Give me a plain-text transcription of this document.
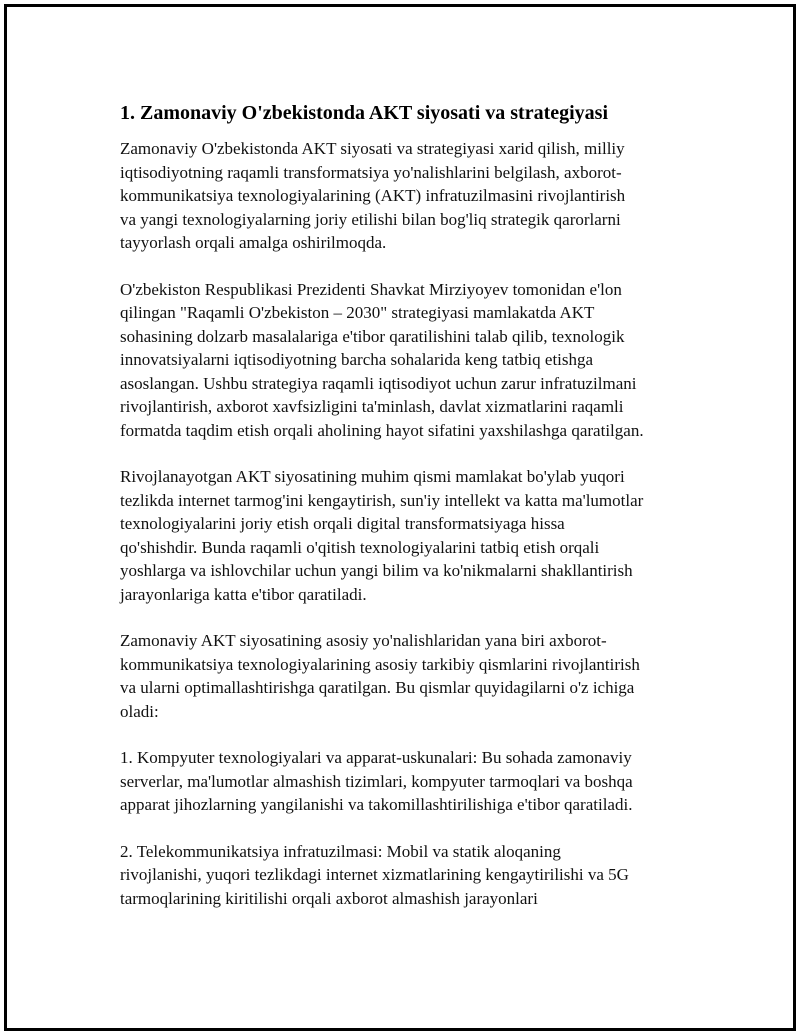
1. Zamonaviy O'zbekistonda AKT siyosati va strategiyasi

Zamonaviy O'zbekistonda AKT siyosati va strategiyasi xarid qilish, milliy
iqtisodiyotning raqamli transformatsiya yo'nalishlarini belgilash, axborot-
kommunikatsiya texnologiyalarining (AKT) infratuzilmasini rivojlantirish
va yangi texnologiyalarning joriy etilishi bilan bog'liq strategik qarorlarni
tayyorlash orqali amalga oshirilmoqda.

O'zbekiston Respublikasi Prezidenti Shavkat Mirziyoyev tomonidan e'lon
qilingan "Raqamli O'zbekiston – 2030" strategiyasi mamlakatda AKT
sohasining dolzarb masalalariga e'tibor qaratilishini talab qilib, texnologik
innovatsiyalarni iqtisodiyotning barcha sohalarida keng tatbiq etishga
asoslangan. Ushbu strategiya raqamli iqtisodiyot uchun zarur infratuzilmani
rivojlantirish, axborot xavfsizligini ta'minlash, davlat xizmatlarini raqamli
formatda taqdim etish orqali aholining hayot sifatini yaxshilashga qaratilgan.

Rivojlanayotgan AKT siyosatining muhim qismi mamlakat bo'ylab yuqori
tezlikda internet tarmog'ini kengaytirish, sun'iy intellekt va katta ma'lumotlar
texnologiyalarini joriy etish orqali digital transformatsiyaga hissa
qo'shishdir. Bunda raqamli o'qitish texnologiyalarini tatbiq etish orqali
yoshlarga va ishlovchilar uchun yangi bilim va ko'nikmalarni shakllantirish
jarayonlariga katta e'tibor qaratiladi.

Zamonaviy AKT siyosatining asosiy yo'nalishlaridan yana biri axborot-
kommunikatsiya texnologiyalarining asosiy tarkibiy qismlarini rivojlantirish
va ularni optimallashtirishga qaratilgan. Bu qismlar quyidagilarni o'z ichiga
oladi:

1. Kompyuter texnologiyalari va apparat-uskunalari: Bu sohada zamonaviy
serverlar, ma'lumotlar almashish tizimlari, kompyuter tarmoqlari va boshqa
apparat jihozlarning yangilanishi va takomillashtirilishiga e'tibor qaratiladi.

2. Telekommunikatsiya infratuzilmasi: Mobil va statik aloqaning
rivojlanishi, yuqori tezlikdagi internet xizmatlarining kengaytirilishi va 5G
tarmoqlarining kiritilishi orqali axborot almashish jarayonlari
